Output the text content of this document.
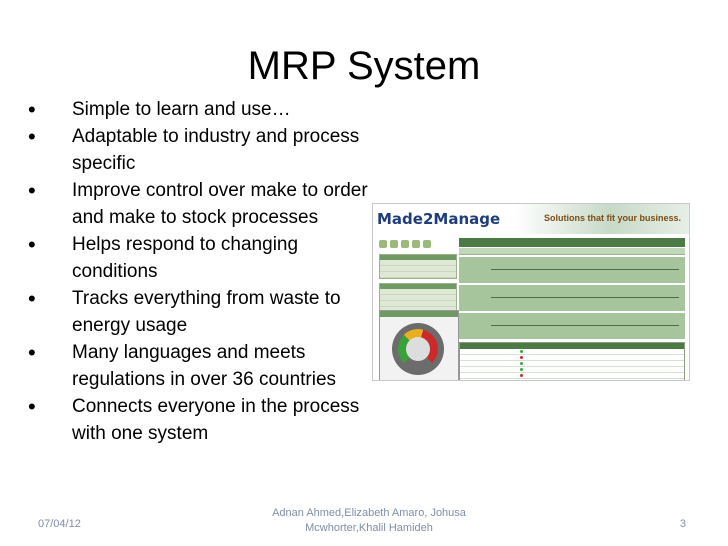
MRP System
• Simple to learn and use…
• Adaptable to industry and process specific
• Improve control over make to order and make to stock processes
• Helps respond to changing conditions
• Tracks everything from waste to energy usage
• Many languages and meets regulations in over 36 countries
• Connects everyone in the process with one system
Made2Manage	Solutions that fit your business.
07/04/12
Adnan Ahmed,Elizabeth Amaro, Johusa Mcwhorter,Khalil Hamideh	3
